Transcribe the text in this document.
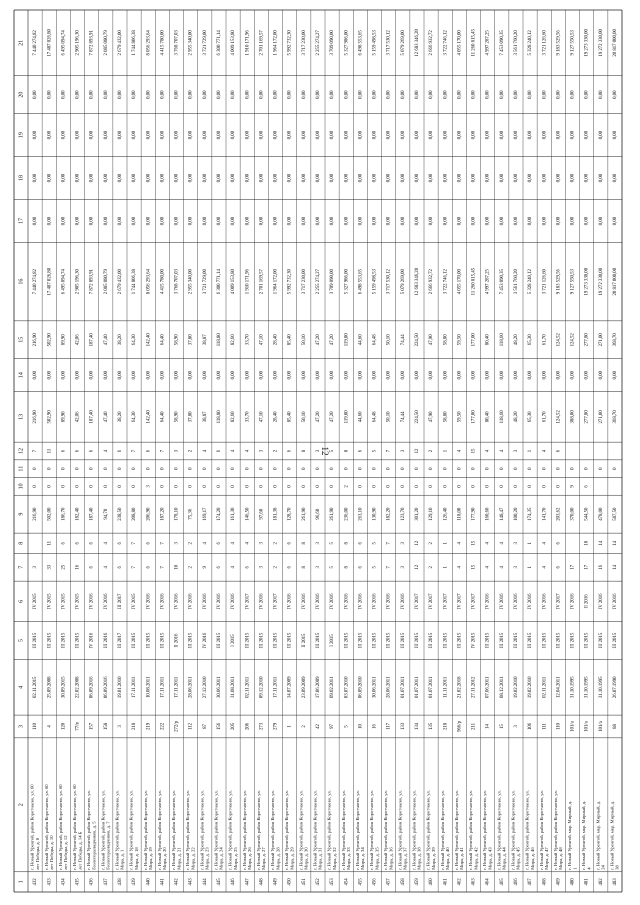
12
1
2
3
4
5
6
7
8
9
10
11
12
13
14
15
16
17
18
19
20
21
432
г. Новый Уренгой, район Коротчаево, ул. 60лет Победы, д. 8
110
02.11.2015
III 2015
IV 2015
3
216,90
0
0
7
216,90
0,00
216,90
7 440 274,82
0,00
0,00
0,00
0,00
7 440 274,82
433
г. Новый Уренгой, район Коротчаево, ул. 60лет Победы, д. 10
4
25.09.2008
III 2015
IV 2015
33
11
502,00
0
0
11
502,90
0,00
502,90
17 487 026,80
0,00
0,00
0,00
0,00
17 487 026,80
434
г. Новый Уренгой, район Коротчаево, ул. 60лет Победы, д. 12
120
30.09.2015
III 2015
IV 2015
25
6
186,70
0
0
6
89,90
0,00
89,90
6 495 094,74
0,00
0,00
0,00
0,00
6 495 094,74
435
г. Новый Уренгой, район Коротчаево, ул. 60лет Победы, д. 14 Б
77/в
22.02.2008
III 2015
IV 2015
16
6
182,40
0
0
6
42,06
0,00
42,06
2 905 196,30
0,00
0,00
0,00
0,00
2 905 196,30
436
г. Новый Уренгой, район Коротчаево, ул.Геологоразведчиков, д. 5
157
06.09.2016
IV 2016
IV 2016
6
6
187,40
0
0
6
187,40
0,00
187,40
7 872 893,91
0,00
0,00
0,00
0,00
7 872 893,91
437
г. Новый Уренгой, район Коротчаево, ул.Геологоразведчиков, д. 7
158
06.09.2016
III 2016
IV 2016
4
4
94,70
0
0
4
47,40
0,00
47,40
2 085 080,79
0,00
0,00
0,00
0,00
2 085 080,79
438
г. Новый Уренгой, район Коротчаево, ул.Мира, д. 1
3
19.01.2010
III 2017
III 2017
6
6
238,50
0
0
6
38,20
0,00
38,20
2 679 432,00
0,00
0,00
0,00
0,00
2 679 432,00
439
г. Новый Уренгой, район Коротчаево, ул.Мира, д. 18
218
17.11.2011
III 2015
IV 2015
7
7
208,80
0
0
7
64,30
0,00
64,30
1 744 806,38
0,00
0,00
0,00
0,00
1 744 806,38
440
г. Новый Уренгой, район Коротчаево, ул.Мира, д. 19
219
10.08.2011
III 2015
IV 2016
6
6
206,90
3
0
6
142,40
0,00
142,40
8 056 293,64
0,00
0,00
0,00
0,00
8 056 293,64
441
г. Новый Уренгой, район Коротчаево, ул.Мира, д. 20
222
17.11.2011
III 2015
IV 2016
7
7
187,20
0
0
7
64,40
0,00
64,40
4 415 780,00
0,00
0,00
0,00
0,00
4 415 780,00
442
г. Новый Уренгой, район Коротчаево, ул.Мира, д. 21
272/р
17.11.2011
II 2016
IV 2016
10
3
178,10
0
0
3
58,90
0,00
58,90
3 768 707,03
0,00
0,00
0,00
0,00
3 768 707,03
443
г. Новый Уренгой, район Коротчаево, ул.Мира, д. 22
112
28.06.2011
III 2015
IV 2016
2
2
75,36
0
0
2
37,80
0,00
37,80
2 955 340,00
0,00
0,00
0,00
0,00
2 955 340,00
444
г. Новый Уренгой, район Коротчаево, ул.Мира, д. 23
87
27.12.2010
IV 2016
IV 2016
9
4
169,17
0
0
4
38,87
0,00
38,87
3 721 729,00
0,00
0,00
0,00
0,00
3 721 729,00
445
г. Новый Уренгой, район Коротчаево, ул.Мира, д. 24
156
30.06.2011
III 2015
IV 2016
6
6
174,20
0
0
6
118,80
0,00
118,80
6 300 771,14
0,00
0,00
0,00
0,00
6 300 771,14
446
г. Новый Уренгой, район Коротчаево, ул.Мира, д. 25
205
31.08.2011
I 2015
IV 2016
4
4
161,30
0
0
4
82,60
0,00
82,60
4 009 153,80
0,00
0,00
0,00
0,00
4 009 153,80
447
г. Новый Уренгой, район Коротчаево, ул.Мира, д. 26
206
02.11.2011
III 2015
IV 2017
6
4
146,50
0
0
4
33,70
0,00
33,70
1 910 171,96
0,00
0,00
0,00
0,00
1 910 171,96
448
г. Новый Уренгой, район Коротчаево, ул.Мира, д. 27
273
09.12.2010
III 2015
IV 2016
3
3
97,60
0
0
3
47,10
0,00
47,10
2 701 169,57
0,00
0,00
0,00
0,00
2 701 169,57
449
г. Новый Уренгой, район Коротчаево, ул.Мира, д. 28
279
17.11.2011
III 2015
IV 2017
2
2
181,38
0
0
2
28,40
0,00
28,40
1 964 172,00
0,00
0,00
0,00
0,00
1 964 172,00
450
г. Новый Уренгой, район Коротчаево, ул.Мира, д. 29
1
14.07.2009
III 2015
IV 2016
6
6
128,70
0
0
6
85,40
0,00
85,40
5 992 732,30
0,00
0,00
0,00
0,00
5 992 732,30
451
г. Новый Уренгой, район Коротчаево, ул.Мира, д. 30
2
23.09.2009
II 2015
IV 2016
8
8
261,90
0
0
8
50,10
0,00
50,10
3 717 230,00
0,00
0,00
0,00
0,00
3 717 230,00
452
г. Новый Уренгой, район Коротчаево, ул.Мира, д. 31
42
17.06.2009
III 2015
IV 2016
3
3
96,60
0
0
3
47,20
0,00
47,20
2 255 274,27
0,00
0,00
0,00
0,00
2 255 274,27
453
г. Новый Уренгой, район Коротчаево, ул.Мира, д. 32
97
09.02.2011
I 2015
IV 2016
5
5
261,90
0
0
5
47,20
0,00
47,20
3 709 090,00
0,00
0,00
0,00
0,00
3 709 090,00
454
г. Новый Уренгой, район Коротчаево, ул.Мира, д. 33
5
03.07.2010
III 2015
IV 2016
8
8
236,00
2
0
8
119,00
0,00
119,00
5 327 986,00
0,00
0,00
0,00
0,00
5 327 986,00
455
г. Новый Уренгой, район Коротчаево, ул.Мира, д. 34
10
06.09.2010
III 2015
IV 2016
6
6
263,10
0
0
6
44,60
0,00
44,60
6 498 553,65
0,00
0,00
0,00
0,00
6 498 553,65
456
г. Новый Уренгой, район Коротчаево, ул.Мира, д. 35
16
30.06.2011
III 2015
IV 2016
5
5
130,90
0
0
5
64,48
0,00
64,48
5 159 498,53
0,00
0,00
0,00
0,00
5 159 498,53
457
г. Новый Уренгой, район Коротчаево, ул.Мира, д. 36
117
28.06.2011
III 2015
IV 2016
7
7
182,20
0
0
7
50,10
0,00
50,10
3 717 530,12
0,00
0,00
0,00
0,00
3 717 530,12
458
г. Новый Уренгой, район Коротчаево, ул.Мира, д. 37
133
01.07.2011
III 2015
IV 2016
3
3
123,70
0
0
3
74,44
0,00
74,44
5 079 269,00
0,00
0,00
0,00
0,00
5 079 269,00
459
г. Новый Уренгой, район Коротчаево, ул.Мира, д. 38
134
01.07.2011
III 2015
IV 2017
12
12
301,20
0
0
12
224,50
0,00
224,50
12 683 346,20
0,00
0,00
0,00
0,00
12 683 346,20
460
г. Новый Уренгой, район Коротчаево, ул.Мира, д. 39
135
01.07.2011
III 2015
IV 2017
2
2
129,10
0
0
2
47,90
0,00
47,90
2 666 932,72
0,00
0,00
0,00
0,00
2 666 932,72
461
г. Новый Уренгой, район Коротчаево, ул.Мира, д. 40
218
11.11.2011
III 2015
IV 2017
1
1
126,40
0
0
1
58,80
0,00
58,80
3 722 746,12
0,00
0,00
0,00
0,00
3 722 746,12
462
г. Новый Уренгой, район Коротчаево, ул.Мира, д. 41
966/р
21.02.2018
III 2015
IV 2017
4
4
118,00
0
0
4
59,50
0,00
59,50
4 055 170,00
0,00
0,00
0,00
0,00
4 055 170,00
463
г. Новый Уренгой, район Коротчаево, ул.Мира, д. 42
211
27.11.2012
IV 2015
IV 2017
15
15
177,90
0
0
15
177,00
0,00
177,00
11 260 815,45
0,00
0,00
0,00
0,00
11 260 815,45
464
г. Новый Уренгой, район Коротчаево, ул.Мира, д. 43
14
07.06.2011
III 2015
IV 2016
4
4
160,60
0
0
4
80,40
0,00
80,40
4 997 287,25
0,00
0,00
0,00
0,00
4 997 287,25
465
г. Новый Уренгой, район Коротчаево, ул.Мира, д. 44
15
08.12.2011
III 2015
IV 2016
4
4
148,47
0
0
4
118,60
0,00
118,60
7 453 090,35
0,00
0,00
0,00
0,00
7 453 090,35
466
г. Новый Уренгой, район Коротчаево, ул.Мира, д. 45
3
19.02.2010
III 2015
IV 2016
3
3
100,20
0
0
3
48,20
0,00
48,20
3 561 760,20
0,00
0,00
0,00
0,00
3 561 760,20
467
г. Новый Уренгой, район Коротчаево, ул.Мира, д. 46
106
19.02.2010
III 2015
IV 2016
1
1
174,35
0
0
1
65,30
0,00
65,30
5 328 240,12
0,00
0,00
0,00
0,00
5 328 240,12
468
г. Новый Уренгой, район Коротчаево, ул.Мира, д. 47
111
02.11.2011
III 2015
IV 2016
4
4
141,70
0
0
4
61,70
0,00
61,70
3 721 126,60
0,00
0,00
0,00
0,00
3 721 126,60
469
г. Новый Уренгой, район Коротчаево, ул.Мира, д. 48
110
12.04.2011
III 2015
IV 2017
6
6
203,62
0
0
6
124,52
0,00
124,52
9 183 529,56
0,00
0,00
0,00
0,00
9 183 529,56
480
г. Новый Уренгой, мкр. Мирный, д.1
101/а
31.10.1995
III 2015
IV 2016
17
370,00
9
0
388,00
0,00
124,52
9 127 550,53
0,00
0,00
0,00
0,00
9 127 550,53
481
г. Новый Уренгой, мкр. Мирный, д.4
101/а
31.10.1995
III 2015
II 2016
17
18
544,50
6
0
277,80
0,00
277,80
19 273 330,00
0,00
0,00
0,00
0,00
19 273 330,00
482
г. Новый Уренгой, мкр. Мирный, д.24
101/а
31.10.1995
III 2015
IV 2016
16
14
478,00
0
271,00
0,00
271,00
19 272 330,00
0,00
0,00
0,00
0,00
19 272 330,00
483
г. Новый Уренгой, мкр. Мирный, д.38
88
26.07.1990
III 2015
IV 2016
14
14
587,50
0
368,70
0,00
368,70
20 817 000,00
0,00
0,00
0,00
0,00
20 817 000,00
